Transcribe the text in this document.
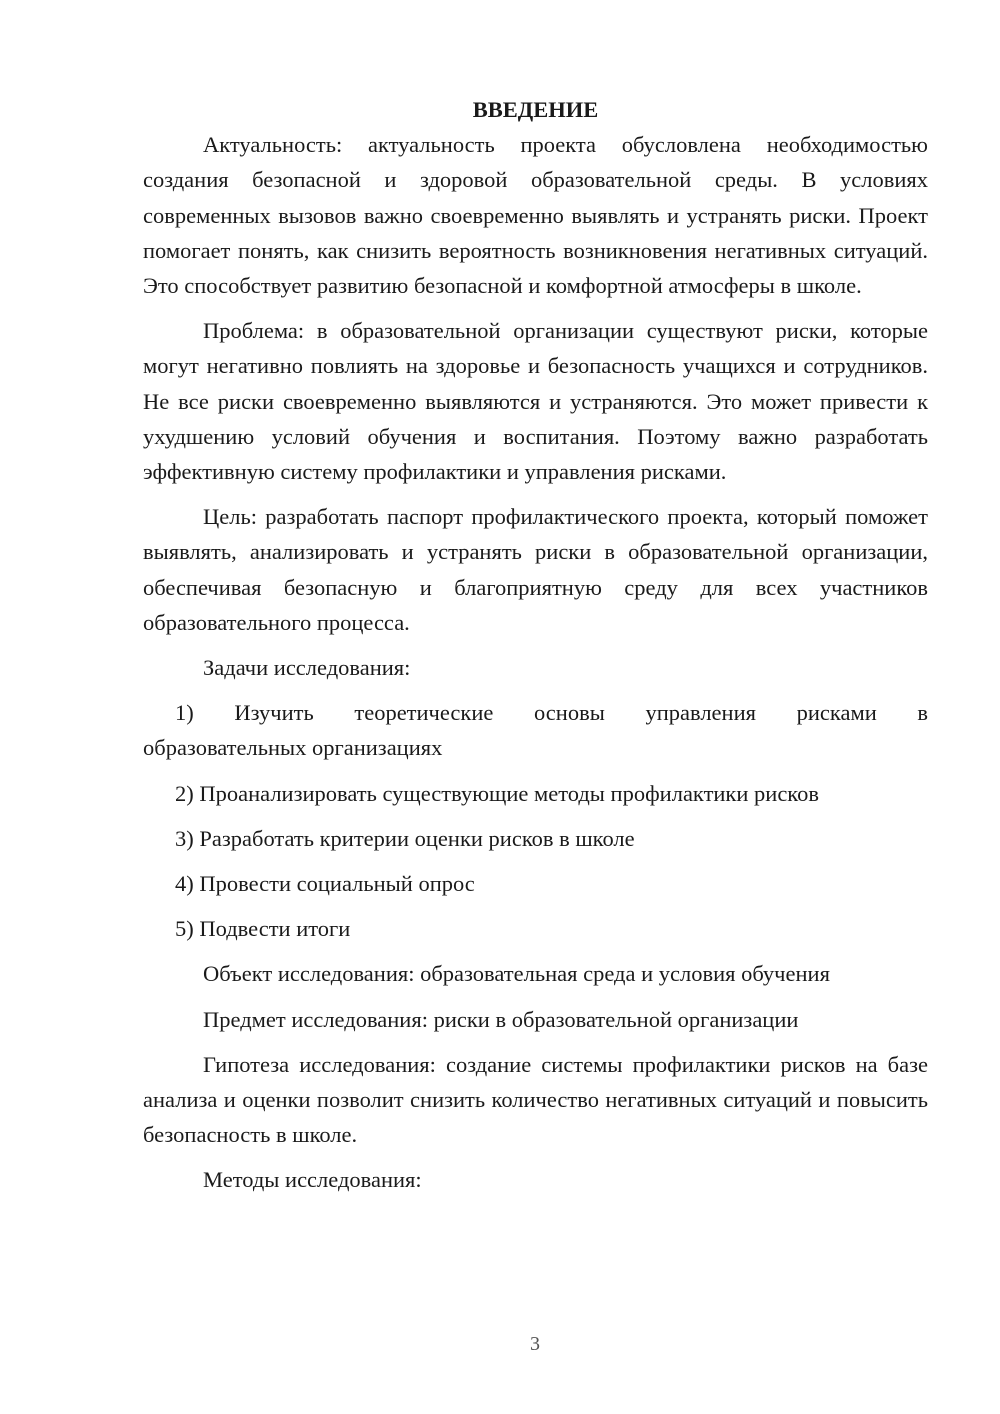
ВВЕДЕНИЕ

Актуальность: актуальность проекта обусловлена необходимостью создания безопасной и здоровой образовательной среды. В условиях современных вызовов важно своевременно выявлять и устранять риски. Проект помогает понять, как снизить вероятность возникновения негативных ситуаций. Это способствует развитию безопасной и комфортной атмосферы в школе.

Проблема: в образовательной организации существуют риски, которые могут негативно повлиять на здоровье и безопасность учащихся и сотрудников. Не все риски своевременно выявляются и устраняются. Это может привести к ухудшению условий обучения и воспитания. Поэтому важно разработать эффективную систему профилактики и управления рисками.

Цель: разработать паспорт профилактического проекта, который поможет выявлять, анализировать и устранять риски в образовательной организации, обеспечивая безопасную и благоприятную среду для всех участников образовательного процесса.

Задачи исследования:

1) Изучить теоретические основы управления рисками в
образовательных организациях

2) Проанализировать существующие методы профилактики рисков

3) Разработать критерии оценки рисков в школе

4) Провести социальный опрос

5) Подвести итоги

Объект исследования: образовательная среда и условия обучения

Предмет исследования: риски в образовательной организации

Гипотеза исследования: создание системы профилактики рисков на базе анализа и оценки позволит снизить количество негативных ситуаций и повысить безопасность в школе.

Методы исследования:

3
